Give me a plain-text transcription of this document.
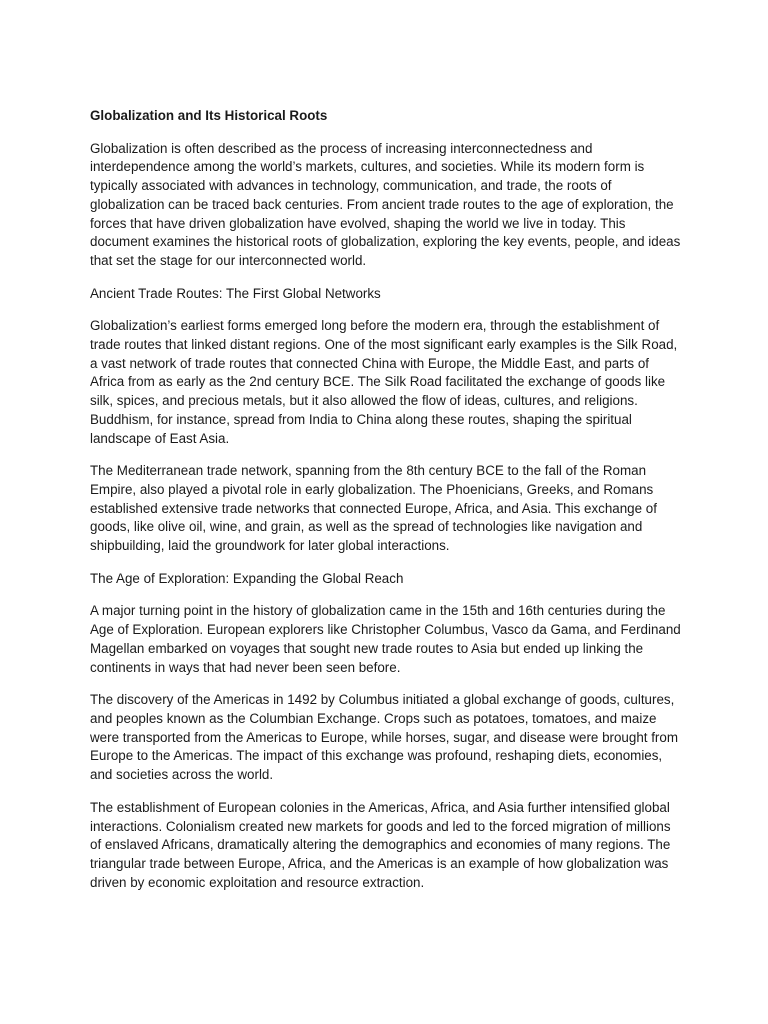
Globalization and Its Historical Roots

Globalization is often described as the process of increasing interconnectedness and interdependence among the world’s markets, cultures, and societies. While its modern form is typically associated with advances in technology, communication, and trade, the roots of globalization can be traced back centuries. From ancient trade routes to the age of exploration, the forces that have driven globalization have evolved, shaping the world we live in today. This document examines the historical roots of globalization, exploring the key events, people, and ideas that set the stage for our interconnected world.

Ancient Trade Routes: The First Global Networks

Globalization’s earliest forms emerged long before the modern era, through the establishment of trade routes that linked distant regions. One of the most significant early examples is the Silk Road, a vast network of trade routes that connected China with Europe, the Middle East, and parts of Africa from as early as the 2nd century BCE. The Silk Road facilitated the exchange of goods like silk, spices, and precious metals, but it also allowed the flow of ideas, cultures, and religions. Buddhism, for instance, spread from India to China along these routes, shaping the spiritual landscape of East Asia.

The Mediterranean trade network, spanning from the 8th century BCE to the fall of the Roman Empire, also played a pivotal role in early globalization. The Phoenicians, Greeks, and Romans established extensive trade networks that connected Europe, Africa, and Asia. This exchange of goods, like olive oil, wine, and grain, as well as the spread of technologies like navigation and shipbuilding, laid the groundwork for later global interactions.

The Age of Exploration: Expanding the Global Reach

A major turning point in the history of globalization came in the 15th and 16th centuries during the Age of Exploration. European explorers like Christopher Columbus, Vasco da Gama, and Ferdinand Magellan embarked on voyages that sought new trade routes to Asia but ended up linking the continents in ways that had never been seen before.

The discovery of the Americas in 1492 by Columbus initiated a global exchange of goods, cultures, and peoples known as the Columbian Exchange. Crops such as potatoes, tomatoes, and maize were transported from the Americas to Europe, while horses, sugar, and disease were brought from Europe to the Americas. The impact of this exchange was profound, reshaping diets, economies, and societies across the world.

The establishment of European colonies in the Americas, Africa, and Asia further intensified global interactions. Colonialism created new markets for goods and led to the forced migration of millions of enslaved Africans, dramatically altering the demographics and economies of many regions. The triangular trade between Europe, Africa, and the Americas is an example of how globalization was driven by economic exploitation and resource extraction.
